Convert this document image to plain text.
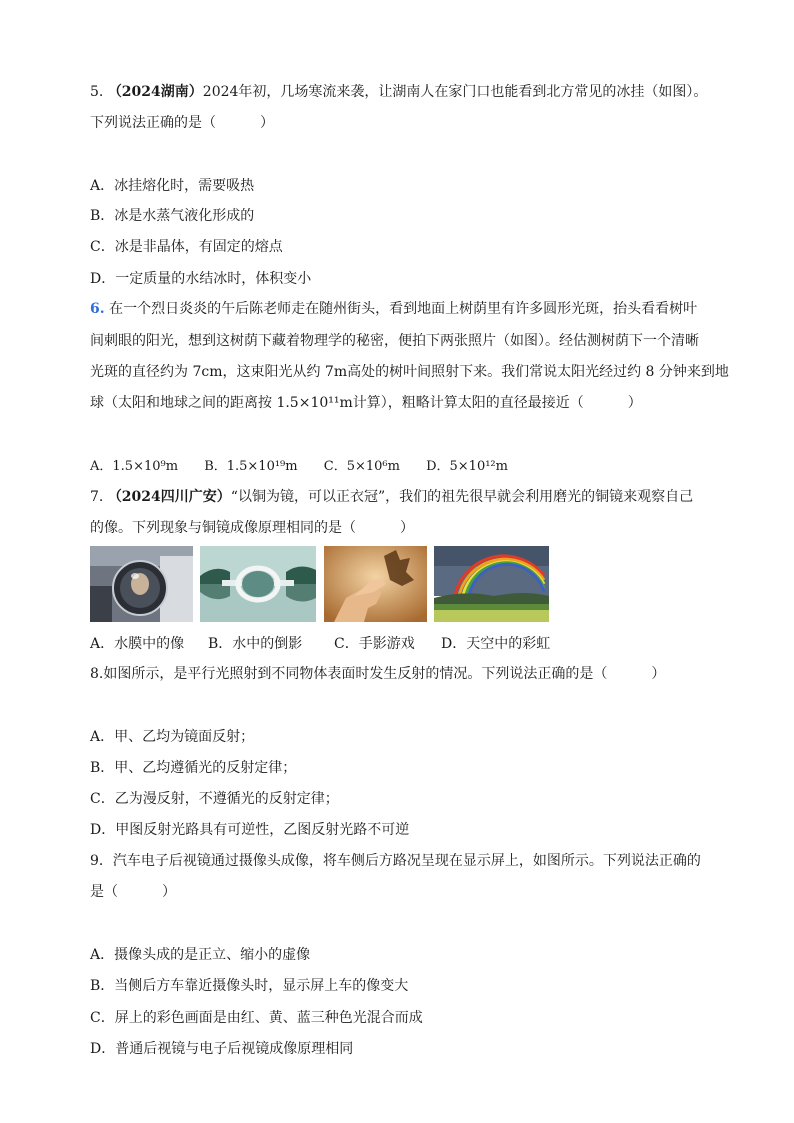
5. （2024湖南）2024年初，几场寒流来袭，让湖南人在家门口也能看到北方常见的冰挂（如图）。
下列说法正确的是（	）
A．冰挂熔化时，需要吸热
B．冰是水蒸气液化形成的
C．冰是非晶体，有固定的熔点
D．一定质量的水结冰时，体积变小
6. 在一个烈日炎炎的午后陈老师走在随州街头，看到地面上树荫里有许多圆形光斑，抬头看看树叶
间刺眼的阳光，想到这树荫下藏着物理学的秘密，便拍下两张照片（如图）。经估测树荫下一个清晰
光斑的直径约为 7cm，这束阳光从约 7m高处的树叶间照射下来。我们常说太阳光经过约 8 分钟来到地
球（太阳和地球之间的距离按 1.5×10¹¹m计算），粗略计算太阳的直径最接近（	）
A．1.5×10⁹m B．1.5×10¹⁹m C．5×10⁶m D．5×10¹²m
7. （2024四川广安）“以铜为镜，可以正衣冠”，我们的祖先很早就会利用磨光的铜镜来观察自己
的像。下列现象与铜镜成像原理相同的是（	）
A．水膜中的像 B．水中的倒影 C．手影游戏 D．天空中的彩虹
8.如图所示，是平行光照射到不同物体表面时发生反射的情况。下列说法正确的是（	）
A．甲、乙均为镜面反射；
B．甲、乙均遵循光的反射定律；
C．乙为漫反射，不遵循光的反射定律；
D．甲图反射光路具有可逆性，乙图反射光路不可逆
9．汽车电子后视镜通过摄像头成像，将车侧后方路况呈现在显示屏上，如图所示。下列说法正确的
是（	）
A．摄像头成的是正立、缩小的虚像
B．当侧后方车靠近摄像头时，显示屏上车的像变大
C．屏上的彩色画面是由红、黄、蓝三种色光混合而成
D．普通后视镜与电子后视镜成像原理相同
